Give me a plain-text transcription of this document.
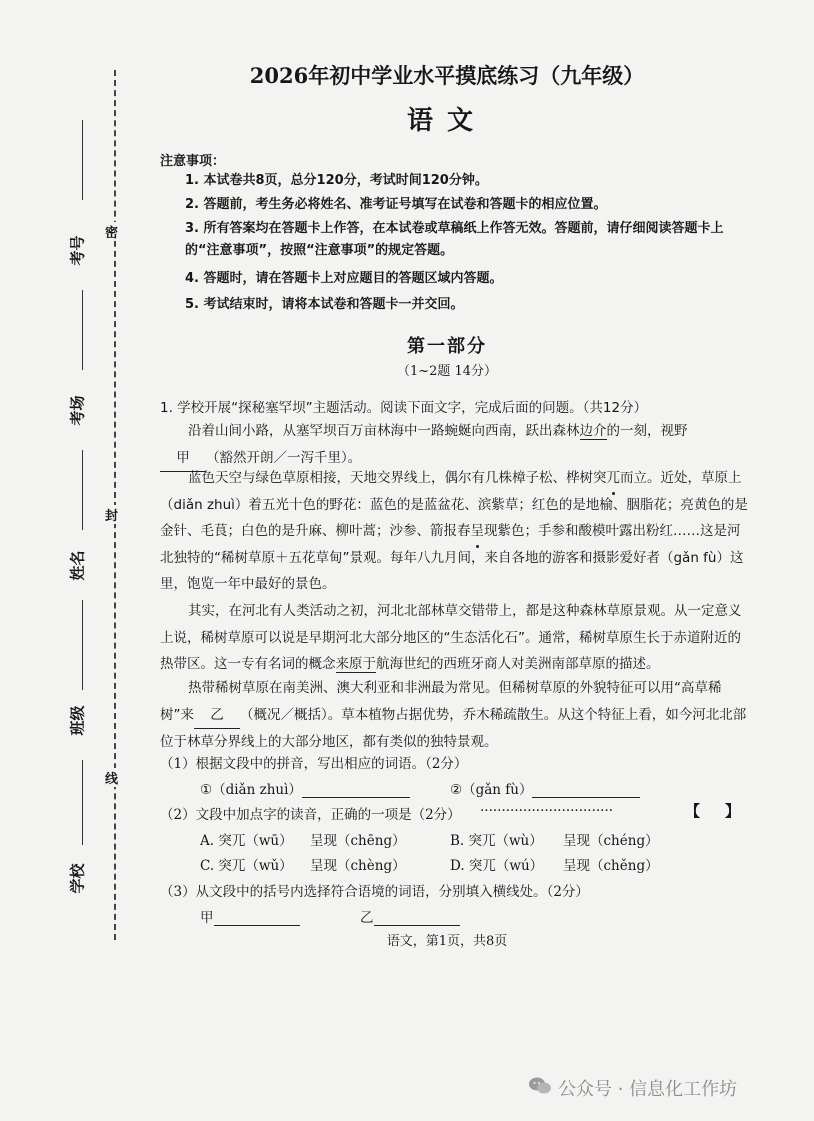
考号
考场
姓名
班级
学校
密
封
线
2026年初中学业水平摸底练习（九年级）
语文
注意事项：
1. 本试卷共8页，总分120分，考试时间120分钟。
2. 答题前，考生务必将姓名、准考证号填写在试卷和答题卡的相应位置。
3. 所有答案均在答题卡上作答，在本试卷或草稿纸上作答无效。答题前，请仔细阅读答题卡上的“注意事项”，按照“注意事项”的规定答题。
4. 答题时，请在答题卡上对应题目的答题区域内答题。
5. 考试结束时，请将本试卷和答题卡一并交回。
第一部分
（1~2题 14分）
1. 学校开展“探秘塞罕坝”主题活动。阅读下面文字，完成后面的问题。（共12分）
沿着山间小路，从塞罕坝百万亩林海中一路蜿蜒向西南，跃出森林边介的一刻，视野
甲 （豁然开朗／一泻千里）。
蓝色天空与绿色草原相接，天地交界线上，偶尔有几株樟子松、桦树突兀而立。近处，草原上（diǎn zhuì）着五光十色的野花：蓝色的是蓝盆花、滨紫草；红色的是地榆、胭脂花；亮黄色的是金针、毛茛；白色的是升麻、柳叶蒿；沙参、箭报春呈现紫色；手参和酸模叶露出粉红……这是河北独特的“稀树草原＋五花草甸”景观。每年八九月间，来自各地的游客和摄影爱好者（gǎn fù）这里，饱览一年中最好的景色。
其实，在河北有人类活动之初，河北北部林草交错带上，都是这种森林草原景观。从一定意义上说，稀树草原可以说是早期河北大部分地区的“生态活化石”。通常，稀树草原生长于赤道附近的热带区。这一专有名词的概念来原于航海世纪的西班牙商人对美洲南部草原的描述。
热带稀树草原在南美洲、澳大利亚和非洲最为常见。但稀树草原的外貌特征可以用“高草稀树”来 乙 （概况／概括）。草本植物占据优势，乔木稀疏散生。从这个特征上看，如今河北北部位于林草分界线上的大部分地区，都有类似的独特景观。
（1）根据文段中的拼音，写出相应的词语。（2分）
①（diǎn zhuì）	②（gǎn fù）
（2）文段中加点字的读音，正确的一项是（2分） ·······························	【 】
A. 突兀（wū） 呈现（chēng）	B. 突兀（wù） 呈现（chéng）
C. 突兀（wǔ） 呈现（chèng）	D. 突兀（wú） 呈现（chěng）
（3）从文段中的括号内选择符合语境的词语，分别填入横线处。（2分）
甲	乙
语文，第1页，共8页
公众号 · 信息化工作坊
